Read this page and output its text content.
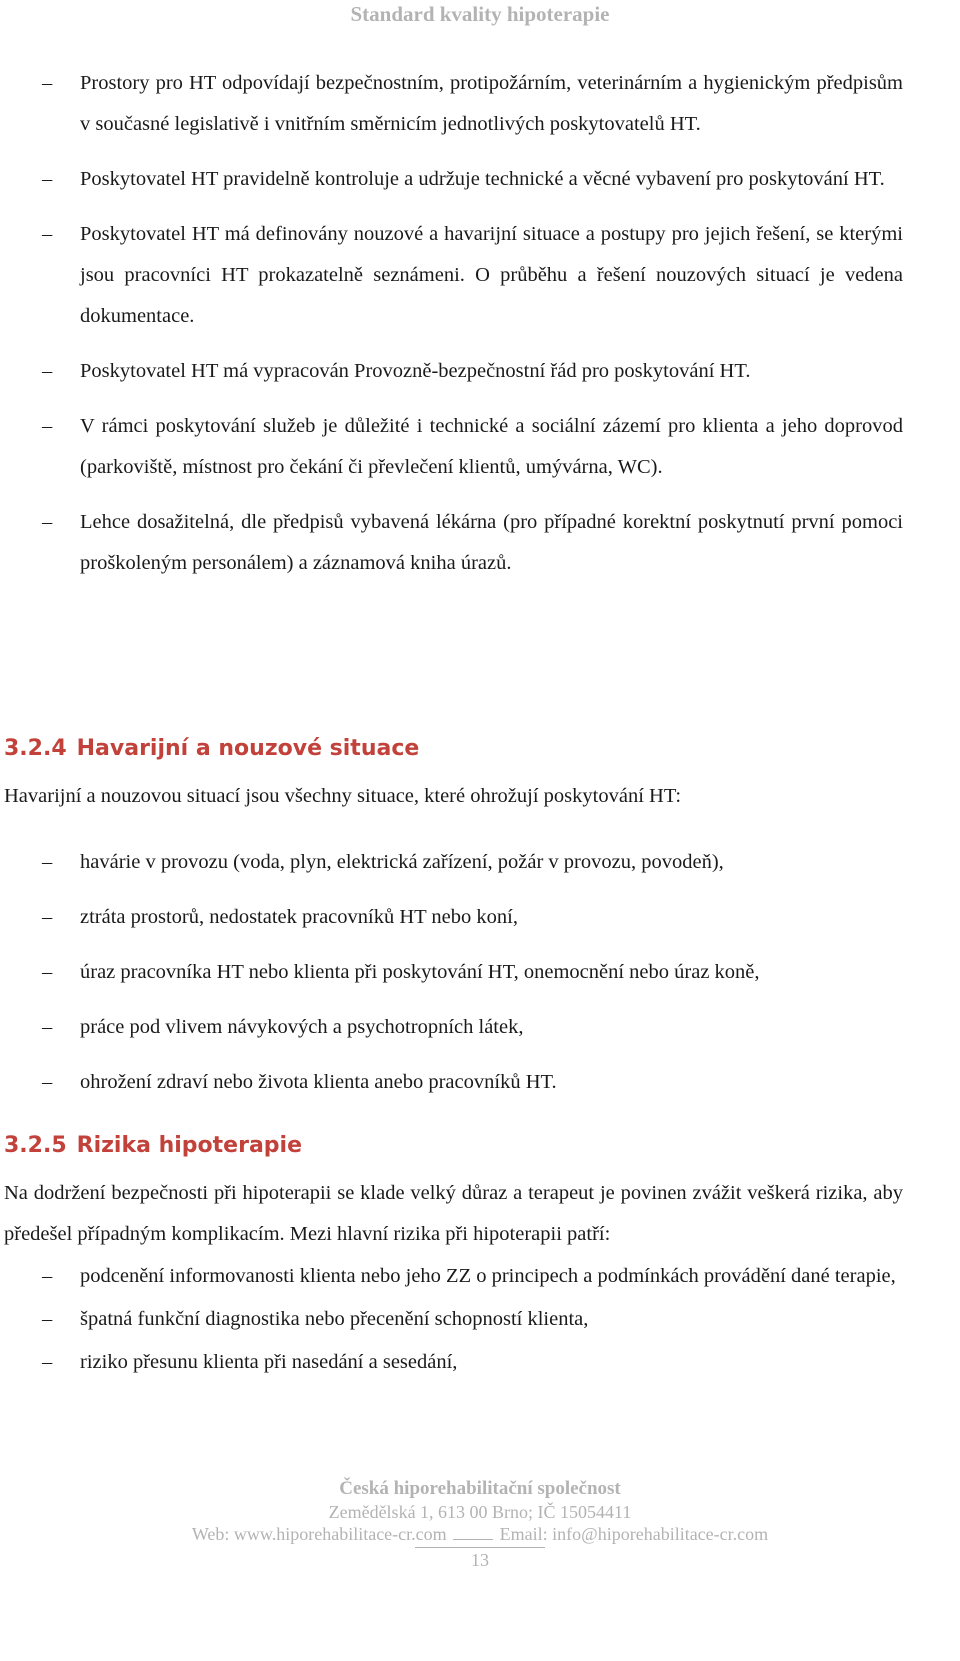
Standard kvality hipoterapie
– Prostory pro HT odpovídají bezpečnostním, protipožárním, veterinárním a hygienickým předpisům v současné legislativě i vnitřním směrnicím jednotlivých poskytovatelů HT.
– Poskytovatel HT pravidelně kontroluje a udržuje technické a věcné vybavení pro poskytování HT.
– Poskytovatel HT má definovány nouzové a havarijní situace a postupy pro jejich řešení, se kterými jsou pracovníci HT prokazatelně seznámeni. O průběhu a řešení nouzových situací je vedena dokumentace.
– Poskytovatel HT má vypracován Provozně-bezpečnostní řád pro poskytování HT.
– V rámci poskytování služeb je důležité i technické a sociální zázemí pro klienta a jeho doprovod (parkoviště, místnost pro čekání či převlečení klientů, umývárna, WC).
– Lehce dosažitelná, dle předpisů vybavená lékárna (pro případné korektní poskytnutí první pomoci proškoleným personálem) a záznamová kniha úrazů.
3.2.4 Havarijní a nouzové situace
Havarijní a nouzovou situací jsou všechny situace, které ohrožují poskytování HT:
– havárie v provozu (voda, plyn, elektrická zařízení, požár v provozu, povodeň),
– ztráta prostorů, nedostatek pracovníků HT nebo koní,
– úraz pracovníka HT nebo klienta při poskytování HT, onemocnění nebo úraz koně,
– práce pod vlivem návykových a psychotropních látek,
– ohrožení zdraví nebo života klienta anebo pracovníků HT.
3.2.5 Rizika hipoterapie
Na dodržení bezpečnosti při hipoterapii se klade velký důraz a terapeut je povinen zvážit veškerá rizika, aby předešel případným komplikacím. Mezi hlavní rizika při hipoterapii patří:
– podcenění informovanosti klienta nebo jeho ZZ o principech a podmínkách provádění dané terapie,
– špatná funkční diagnostika nebo přecenění schopností klienta,
– riziko přesunu klienta při nasedání a sesedání,
Česká hiporehabilitační společnost
Zemědělská 1, 613 00 Brno; IČ 15054411
Web: www.hiporehabilitace-cr.com	Email: info@hiporehabilitace-cr.com
13
